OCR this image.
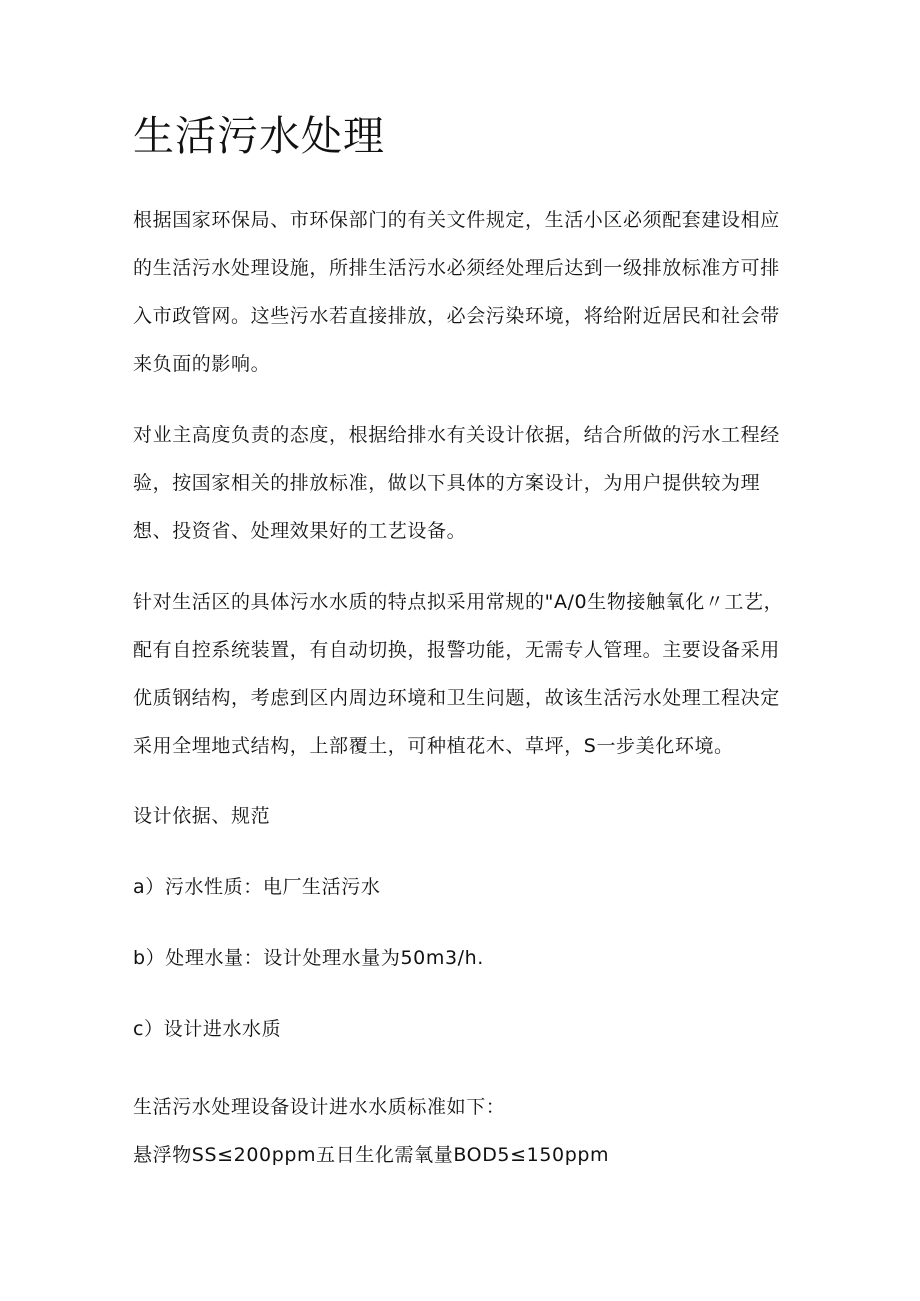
生活污水处理

根据国家环保局、市环保部门的有关文件规定，生活小区必须配套建设相应的生活污水处理设施，所排生活污水必须经处理后达到一级排放标准方可排入市政管网。这些污水若直接排放，必会污染环境，将给附近居民和社会带来负面的影响。

对业主高度负责的态度，根据给排水有关设计依据，结合所做的污水工程经验，按国家相关的排放标准，做以下具体的方案设计，为用户提供较为理想、投资省、处理效果好的工艺设备。

针对生活区的具体污水水质的特点拟采用常规的"A/0生物接触氧化〃工艺，配有自控系统装置，有自动切换，报警功能，无需专人管理。主要设备采用优质钢结构，考虑到区内周边环境和卫生问题，故该生活污水处理工程决定采用全埋地式结构，上部覆土，可种植花木、草坪，S一步美化环境。

设计依据、规范

a）污水性质：电厂生活污水

b）处理水量：设计处理水量为50m3∕h.

c）设计进水水质

生活污水处理设备设计进水水质标准如下：

悬浮物SS≤200ppm五日生化需氧量BOD5≤150ppm
